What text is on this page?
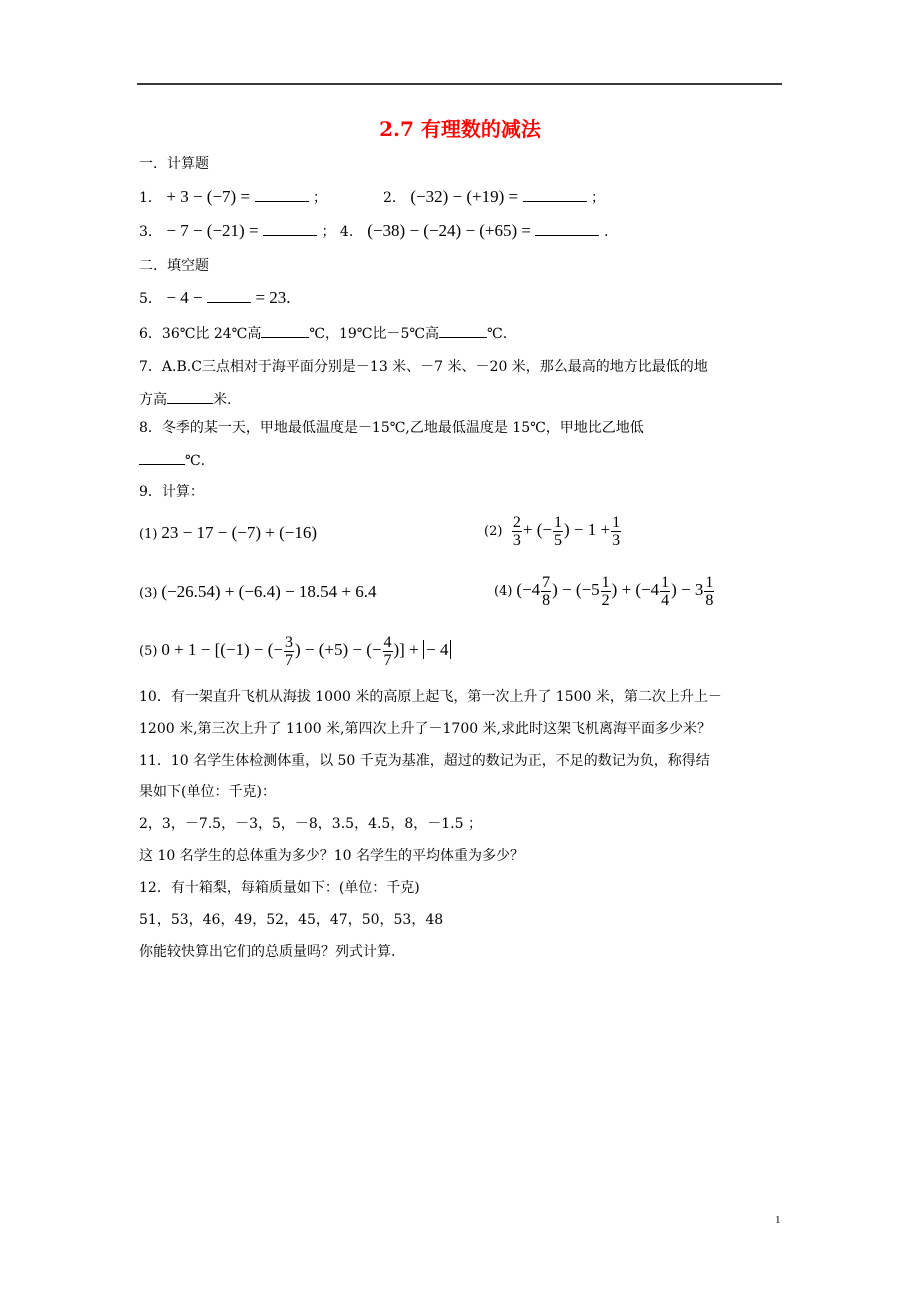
2.7 有理数的减法
一．计算题
1． + 3 − (−7) =	；	2． (−32) − (+19) =	；
3． − 7 − (−21) =	； 4． (−38) − (−24) − (+65) =	.
二．填空题
5． − 4 −	= 23.
6．36℃比 24℃高	℃，19℃比－5℃高	℃.
7．A.B.C三点相对于海平面分别是－13 米、－7 米、－20 米，那么最高的地方比最低的地
方高	米.
8．冬季的某一天，甲地最低温度是－15℃,乙地最低温度是 15℃，甲地比乙地低
℃.
9．计算：
(1) 23 − 17 − (−7) + (−16)	$(2) \frac{2}{3}$ + (− $\frac{1}{5}$ ) − $1 + \frac{1}{3}$
(3) (−26.54) + (−6.4) − 18.54 + 6.4	(4) ($-4 \frac{7}{8}$ ) − ($-5 \frac{1}{2}$ ) + ($-4 \frac{1}{4}$ ) − $3 \frac{1}{8}$
(5) 0 + 1 − [(−1) − (− $\frac{3}{7}$ ) − (+5) − (− $\frac{4}{7}$ )] + − 4
10．有一架直升飞机从海拔 1000 米的高原上起飞，第一次上升了 1500 米，第二次上升上－
1200 米,第三次上升了 1100 米,第四次上升了－1700 米,求此时这架飞机离海平面多少米？
11．10 名学生体检测体重，以 50 千克为基准，超过的数记为正，不足的数记为负，称得结
果如下(单位：千克)：
2，3，－7.5，－3，5，－8，3.5，4.5，8，－1.5 ；
这 10 名学生的总体重为多少？10 名学生的平均体重为多少？
12．有十箱梨，每箱质量如下：(单位：千克)
51，53，46，49，52，45，47，50，53，48
你能较快算出它们的总质量吗？列式计算.
1
